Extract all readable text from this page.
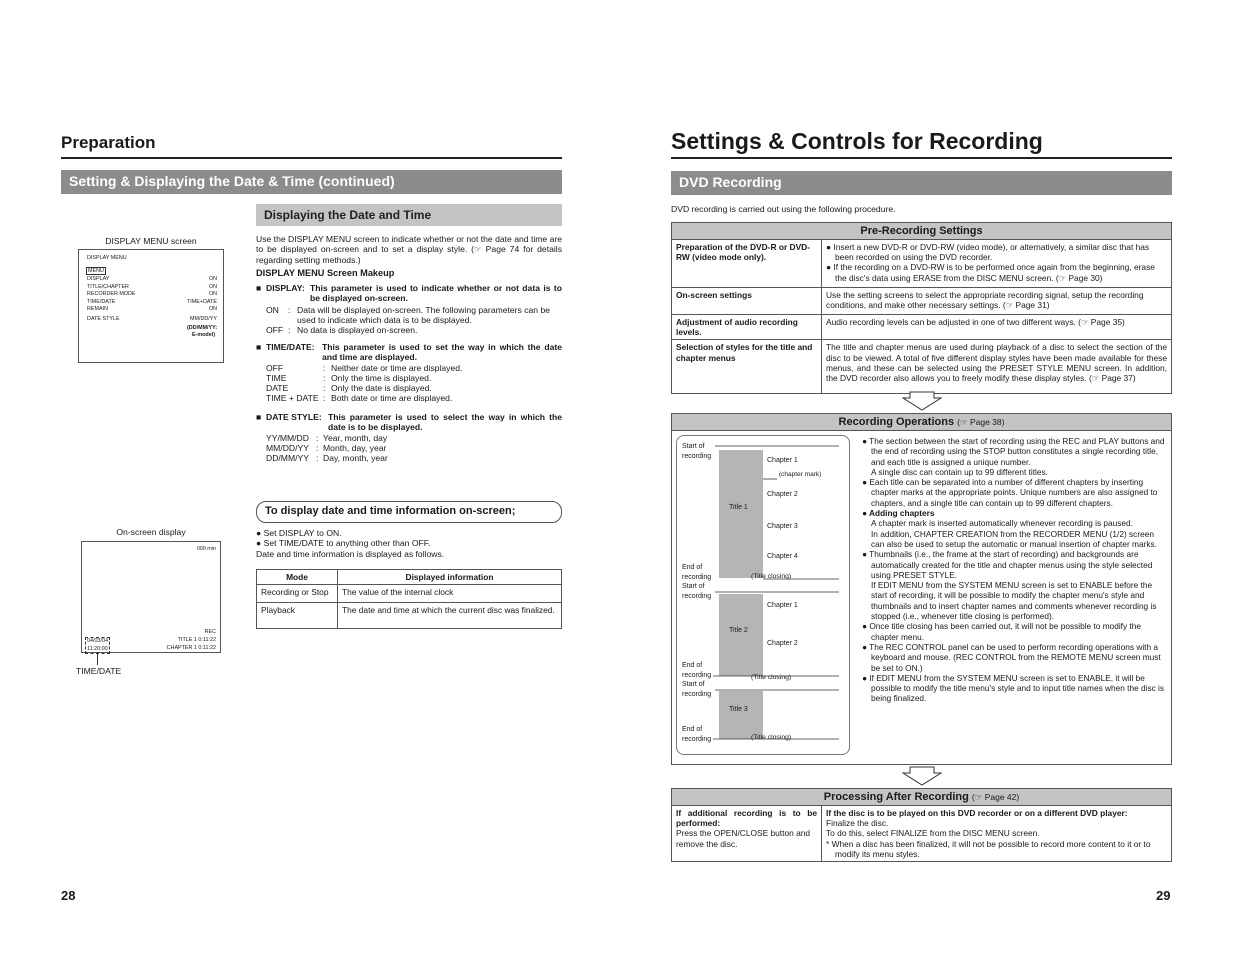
Preparation
Setting & Displaying the Date & Time (continued)
Displaying the Date and Time
DISPLAY MENU screen
DISPLAY MENU
MENU
DISPLAY	ON
TITLE/CHAPTER	ON
RECORDER MODE	ON
TIME/DATE	TIME+DATE
REMAIN	ON
DATE STYLE	MM/DD/YY
(DD/MM/YY: E-model)
Use the DISPLAY MENU screen to indicate whether or not the date and time are to be displayed on-screen and to set a display style. (☞ Page 74 for details regarding setting methods.)
DISPLAY MENU Screen Makeup
■ DISPLAY: This parameter is used to indicate whether or not data is to be displayed on-screen.
ON	: Data will be displayed on-screen. The following parameters can be used to indicate which data is to be displayed.
OFF : No data is displayed on-screen.
■ TIME/DATE: This parameter is used to set the way in which the date and time are displayed.
OFF	: Neither date or time are displayed.
TIME	: Only the time is displayed.
DATE	: Only the date is displayed.
TIME + DATE : Both date or time are displayed.
■ DATE STYLE: This parameter is used to select the way in which the date is to be displayed.
YY/MM/DD : Year, month, day
MM/DD/YY : Month, day, year
DD/MM/YY : Day, month, year
To display date and time information on-screen;
● Set DISPLAY to ON.
● Set TIME/DATE to anything other than OFF.
Date and time information is displayed as follows.
On-screen display
000 min
REC
04/03/04
11:20:00
TITLE 1 0:11:22
CHAPTER 1 0:11:22
TIME/DATE
Mode	Displayed information
Recording or Stop	The value of the internal clock
Playback	The date and time at which the current disc was finalized.
28
Settings & Controls for Recording
DVD Recording
DVD recording is carried out using the following procedure.
Pre-Recording Settings
Preparation of the DVD-R or DVD-RW (video mode only).	● Insert a new DVD-R or DVD-RW (video mode), or alternatively, a similar disc that has been recorded on using the DVD recorder.
● If the recording on a DVD-RW is to be performed once again from the beginning, erase the disc's data using ERASE from the DISC MENU screen. (☞ Page 30)

On-screen settings	Use the setting screens to select the appropriate recording signal, setup the recording conditions, and make other necessary settings. (☞ Page 31)
Adjustment of audio recording levels.	Audio recording levels can be adjusted in one of two different ways. (☞ Page 35)
Selection of styles for the title and chapter menus	The title and chapter menus are used during playback of a disc to select the section of the disc to be viewed. A total of five different display styles have been made available for these menus, and these can be selected using the PRESET STYLE MENU screen. In addition, the DVD recorder also allows you to freely modify these display styles. (☞ Page 37)
Recording Operations (☞ Page 38)
Start of
recording
End of
recording
Start of
recording
End of
recording
Start of
recording
End of
recording
Title 1
Title 2
Title 3
Chapter 1
(chapter mark)
Chapter 2
Chapter 3
Chapter 4
Chapter 1
Chapter 2
(Title closing)
(Title closing)
(Title closing)
● The section between the start of recording using the REC and PLAY buttons and the end of recording using the STOP button constitutes a single recording title, and each title is assigned a unique number.
A single disc can contain up to 99 different titles.
● Each title can be separated into a number of different chapters by inserting chapter marks at the appropriate points. Unique numbers are also assigned to chapters, and a single title can contain up to 99 different chapters.
● Adding chapters
A chapter mark is inserted automatically whenever recording is paused.
In addition, CHAPTER CREATION from the RECORDER MENU (1/2) screen can also be used to setup the automatic or manual insertion of chapter marks.
● Thumbnails (i.e., the frame at the start of recording) and backgrounds are automatically created for the title and chapter menus using the style selected using PRESET STYLE.
If EDIT MENU from the SYSTEM MENU screen is set to ENABLE before the start of recording, it will be possible to modify the chapter menu's style and thumbnails and to insert chapter names and comments whenever recording is stopped (i.e., whenever title closing is performed).
● Once title closing has been carried out, it will not be possible to modify the chapter menu.
● The REC CONTROL panel can be used to perform recording operations with a keyboard and mouse. (REC CONTROL from the REMOTE MENU screen must be set to ON.)
● If EDIT MENU from the SYSTEM MENU screen is set to ENABLE, it will be possible to modify the title menu's style and to input title names when the disc is being finalized.
Processing After Recording (☞ Page 42)
If additional recording is to be performed:
Press the OPEN/CLOSE button and remove the disc.

If the disc is to be played on this DVD recorder or on a different DVD player:
Finalize the disc.
To do this, select FINALIZE from the DISC MENU screen.
* When a disc has been finalized, it will not be possible to record more content to it or to modify its menu styles.
29
